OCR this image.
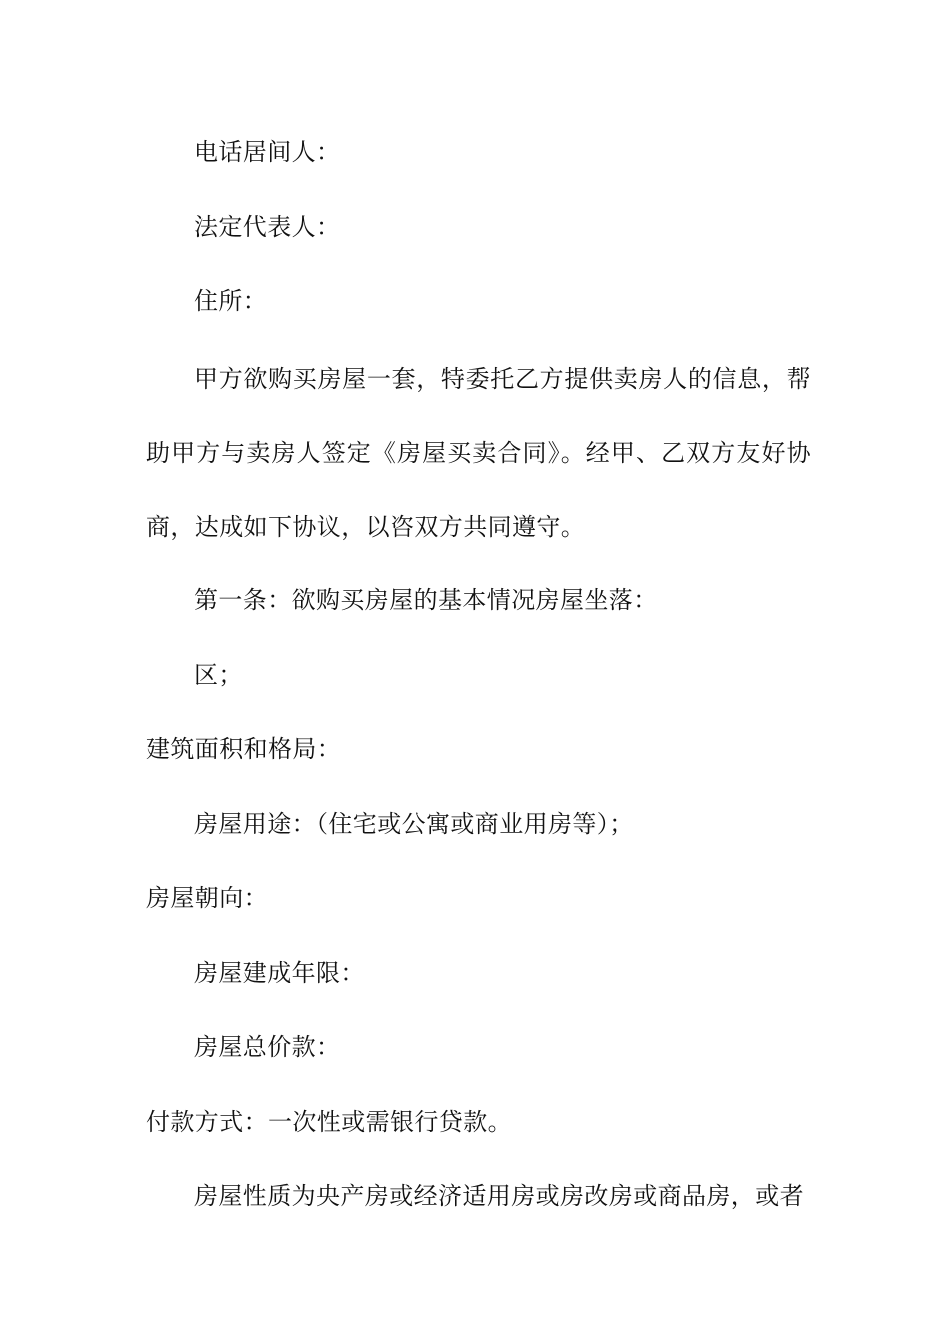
电话居间人：
法定代表人：
住所：

甲方欲购买房屋一套，特委托乙方提供卖房人的信息，帮助甲方与卖房人签定《房屋买卖合同》。经甲、乙双方友好协商，达成如下协议，以咨双方共同遵守。

第一条：欲购买房屋的基本情况房屋坐落：
区；
建筑面积和格局：
房屋用途：（住宅或公寓或商业用房等）；
房屋朝向：
房屋建成年限：
房屋总价款：
付款方式：一次性或需银行贷款。
房屋性质为央产房或经济适用房或房改房或商品房，或者
